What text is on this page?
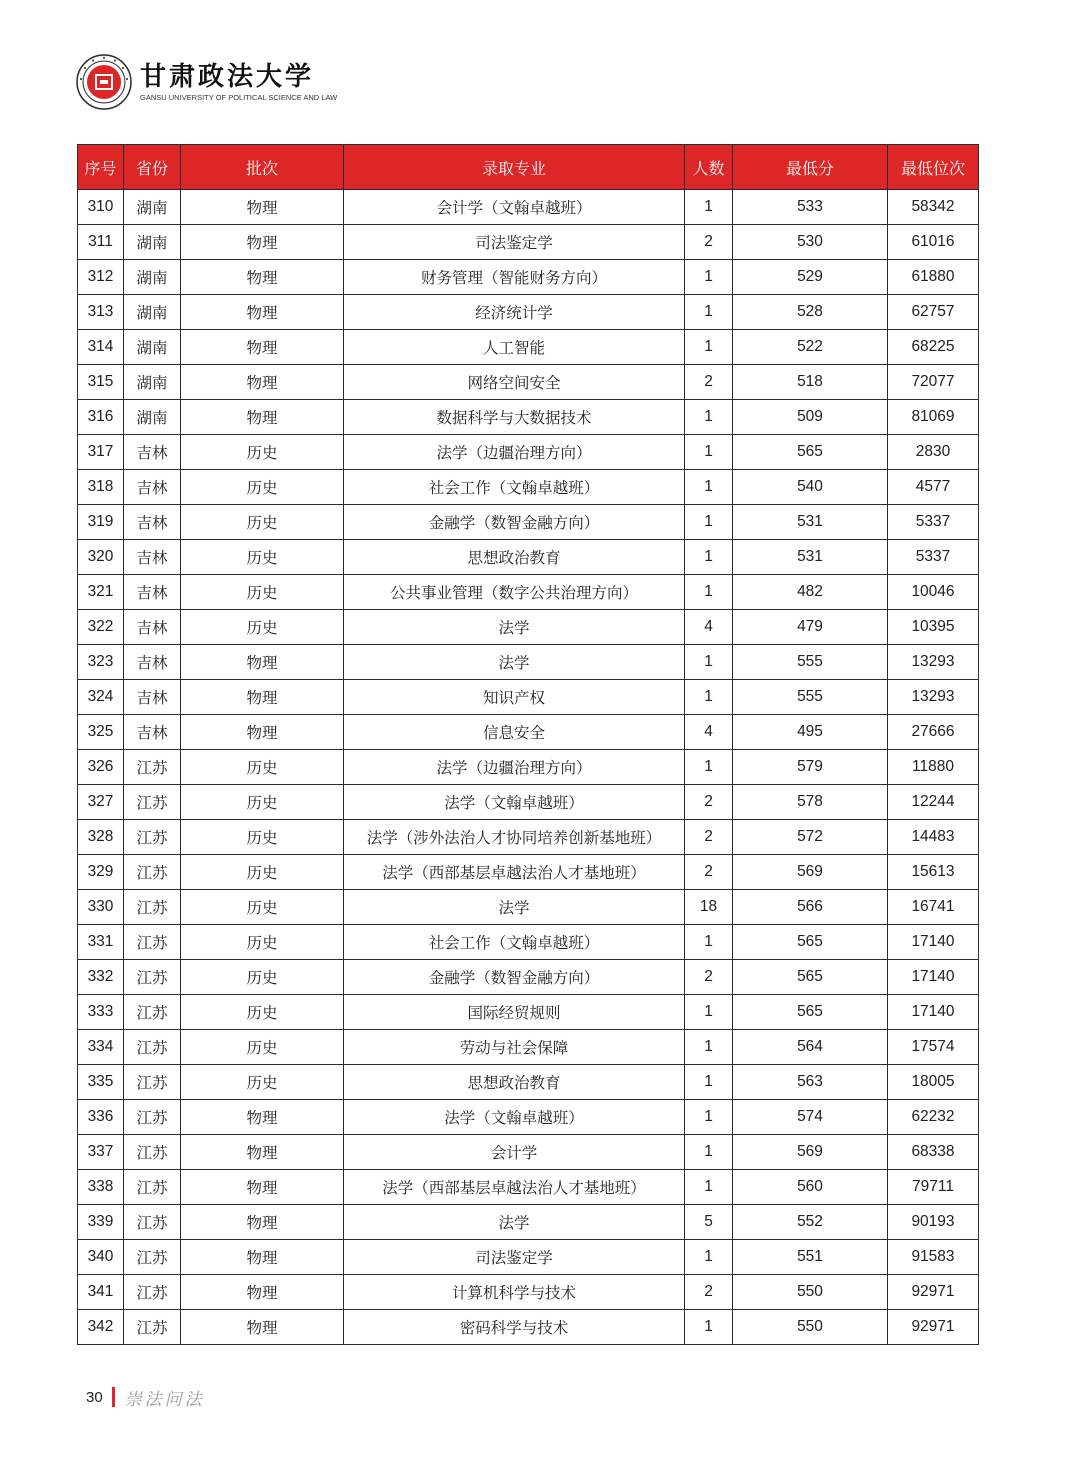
甘肃政法大学
GANSU UNIVERSITY OF POLITICAL SCIENCE AND LAW
序号	省份	批次	录取专业	人数	最低分	最低位次
310	湖南	物理	会计学（文翰卓越班）	1	533	58342
311	湖南	物理	司法鉴定学	2	530	61016
312	湖南	物理	财务管理（智能财务方向）	1	529	61880
313	湖南	物理	经济统计学	1	528	62757
314	湖南	物理	人工智能	1	522	68225
315	湖南	物理	网络空间安全	2	518	72077
316	湖南	物理	数据科学与大数据技术	1	509	81069
317	吉林	历史	法学（边疆治理方向）	1	565	2830
318	吉林	历史	社会工作（文翰卓越班）	1	540	4577
319	吉林	历史	金融学（数智金融方向）	1	531	5337
320	吉林	历史	思想政治教育	1	531	5337
321	吉林	历史	公共事业管理（数字公共治理方向）	1	482	10046
322	吉林	历史	法学	4	479	10395
323	吉林	物理	法学	1	555	13293
324	吉林	物理	知识产权	1	555	13293
325	吉林	物理	信息安全	4	495	27666
326	江苏	历史	法学（边疆治理方向）	1	579	11880
327	江苏	历史	法学（文翰卓越班）	2	578	12244
328	江苏	历史	法学（涉外法治人才协同培养创新基地班）	2	572	14483
329	江苏	历史	法学（西部基层卓越法治人才基地班）	2	569	15613
330	江苏	历史	法学	18	566	16741
331	江苏	历史	社会工作（文翰卓越班）	1	565	17140
332	江苏	历史	金融学（数智金融方向）	2	565	17140
333	江苏	历史	国际经贸规则	1	565	17140
334	江苏	历史	劳动与社会保障	1	564	17574
335	江苏	历史	思想政治教育	1	563	18005
336	江苏	物理	法学（文翰卓越班）	1	574	62232
337	江苏	物理	会计学	1	569	68338
338	江苏	物理	法学（西部基层卓越法治人才基地班）	1	560	79711
339	江苏	物理	法学	5	552	90193
340	江苏	物理	司法鉴定学	1	551	91583
341	江苏	物理	计算机科学与技术	2	550	92971
342	江苏	物理	密码科学与技术	1	550	92971
30 崇法问法
